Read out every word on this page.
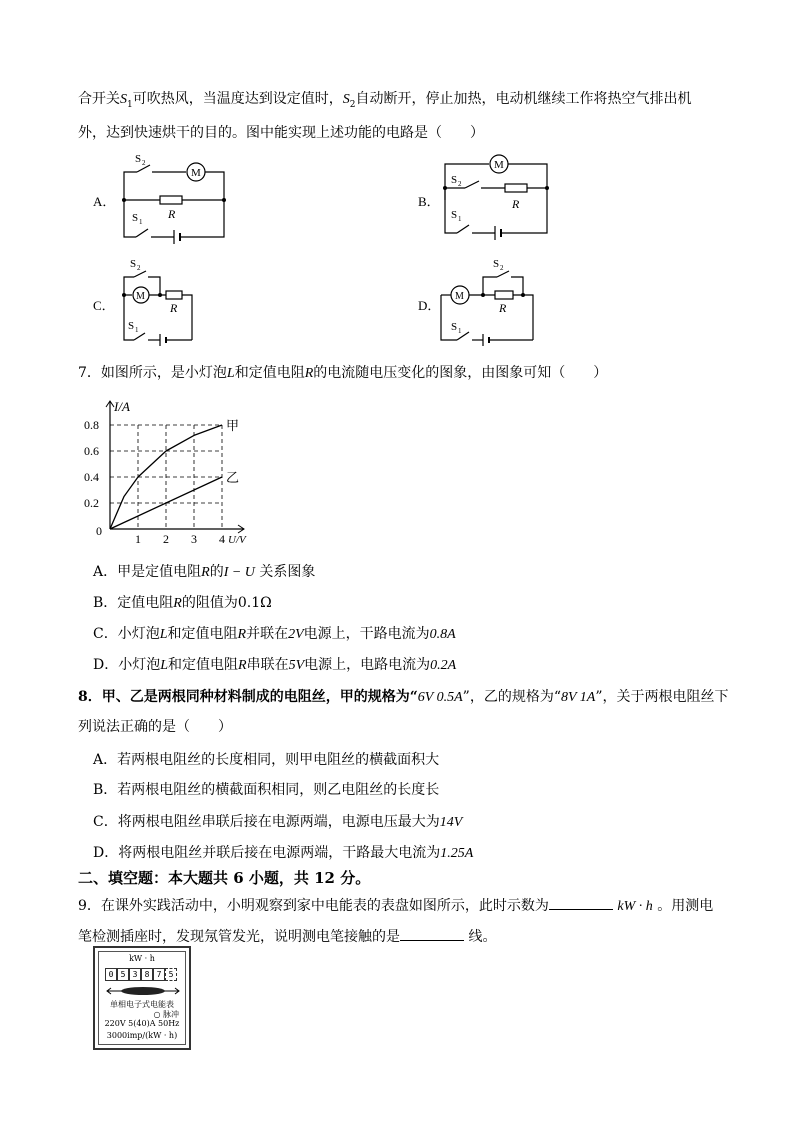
合开关$S_1$可吹热风，当温度达到设定值时，$S_2$自动断开，停止加热，电动机继续工作将热空气排出机
外，达到快速烘干的目的。图中能实现上述功能的电路是（　　）
A．
M
S 2
R
S 1
B．
M
S 2
R
S 1
C．
M
S 2
R
S 1
D．
M
S 2
R
S 1
7．如图所示，是小灯泡L和定值电阻R的电流随电压变化的图象，由图象可知（　　）
1 2 3 4
0.2
0.4
0.6
0.8
0
I/A
U/V
甲
乙
A．甲是定值电阻R的I − U 关系图象
B．定值电阻R的阻值为0.1Ω
C．小灯泡L和定值电阻R并联在2V电源上，干路电流为0.8A
D．小灯泡L和定值电阻R串联在5V电源上，电路电流为0.2A
8．甲、乙是两根同种材料制成的电阻丝，甲的规格为“6V 0.5A”，乙的规格为“8V 1A”，关于两根电阻丝下
列说法正确的是（　　）
A．若两根电阻丝的长度相同，则甲电阻丝的横截面积大
B．若两根电阻丝的横截面积相同，则乙电阻丝的长度长
C．将两根电阻丝串联后接在电源两端，电源电压最大为14V
D．将两根电阻丝并联后接在电源两端，干路最大电流为1.25A
二、填空题：本大题共 6 小题，共 12 分。
9．在课外实践活动中，小明观察到家中电能表的表盘如图所示，此时示数为	kW · h 。用测电
笔检测插座时，发现氖管发光，说明测电笔接触的是	线。
kW · h
0 5 3 8 7 5
单相电子式电能表
○ 脉冲
220V 5(40)A 50Hz
3000imp/(kW · h)
